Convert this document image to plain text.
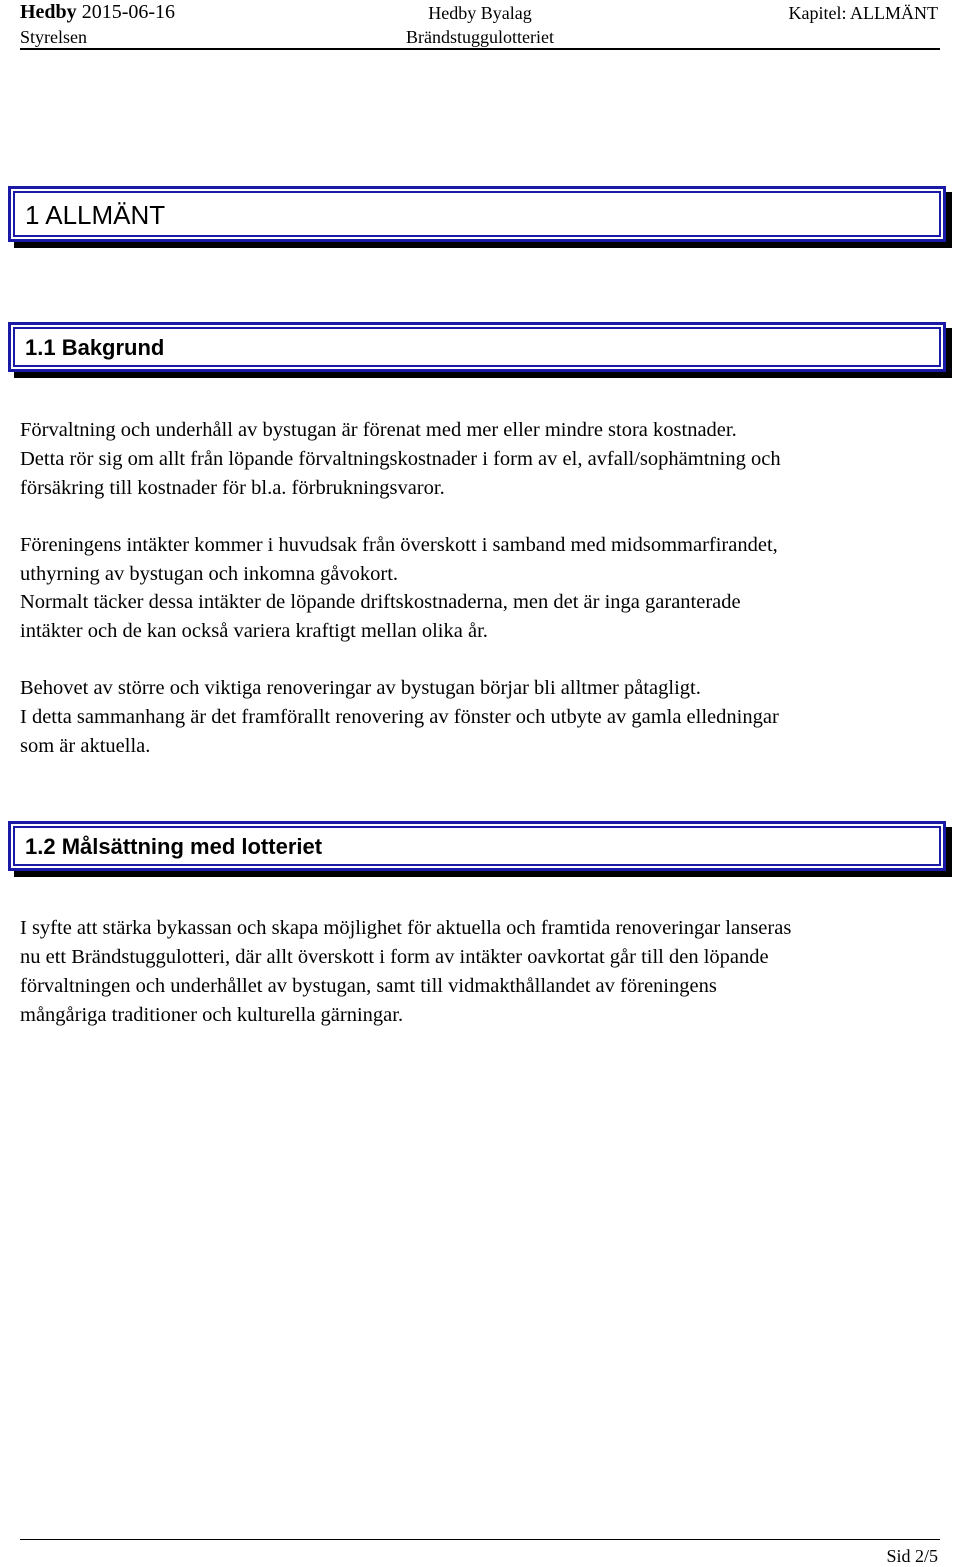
Hedby 2015-06-16
Styrelsen
Hedby Byalag
Brändstuggulotteriet
Kapitel: ALLMÄNT
1 ALLMÄNT
1.1 Bakgrund

Förvaltning och underhåll av bystugan är förenat med mer eller mindre stora kostnader.
Detta rör sig om allt från löpande förvaltningskostnader i form av el, avfall/sophämtning och
försäkring till kostnader för bl.a. förbrukningsvaror.

Föreningens intäkter kommer i huvudsak från överskott i samband med midsommarfirandet,
uthyrning av bystugan och inkomna gåvokort.

Normalt täcker dessa intäkter de löpande driftskostnaderna, men det är inga garanterade
intäkter och de kan också variera kraftigt mellan olika år.

Behovet av större och viktiga renoveringar av bystugan börjar bli alltmer påtagligt.
I detta sammanhang är det framförallt renovering av fönster och utbyte av gamla elledningar
som är aktuella.

1.2 Målsättning med lotteriet

I syfte att stärka bykassan och skapa möjlighet för aktuella och framtida renoveringar lanseras
nu ett Brändstuggulotteri, där allt överskott i form av intäkter oavkortat går till den löpande
förvaltningen och underhållet av bystugan, samt till vidmakthållandet av föreningens
mångåriga traditioner och kulturella gärningar.

Sid 2/5
